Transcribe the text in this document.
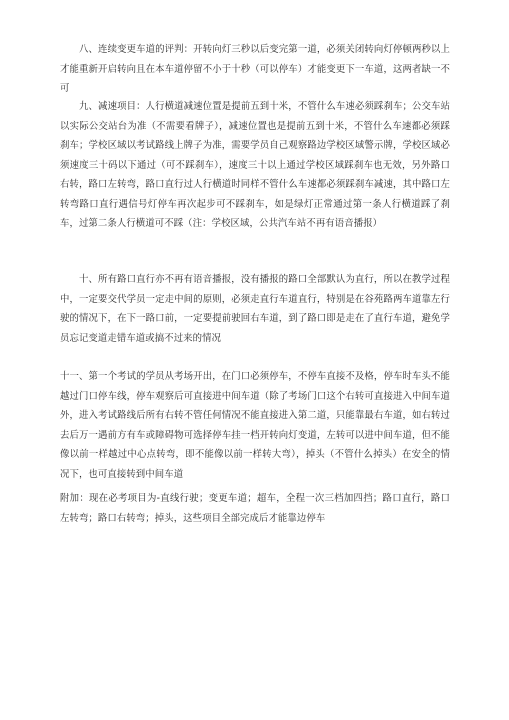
　　八、连续变更车道的评判：开转向灯三秒以后变完第一道，必须关闭转向灯停顿两秒以上才能重新开启转向且在本车道停留不小于十秒（可以停车）才能变更下一车道，这两者缺一不可

　　九、减速项目：人行横道减速位置是提前五到十米，不管什么车速必须踩刹车；公交车站以实际公交站台为准（不需要看牌子），减速位置也是提前五到十米，不管什么车速都必须踩刹车；学校区域以考试路线上牌子为准，需要学员自己观察路边学校区域警示牌，学校区域必须速度三十码以下通过（可不踩刹车），速度三十以上通过学校区域踩刹车也无效，另外路口右转，路口左转弯，路口直行过人行横道时同样不管什么车速都必须踩刹车减速，其中路口左转弯路口直行遇信号灯停车再次起步可不踩刹车，如是绿灯正常通过第一条人行横道踩了刹车，过第二条人行横道可不踩（注：学校区域，公共汽车站不再有语音播报）

　　十、所有路口直行亦不再有语音播报，没有播报的路口全部默认为直行，所以在教学过程中，一定要交代学员一定走中间的原则，必须走直行车道直行，特别是在谷苑路两车道靠左行驶的情况下，在下一路口前，一定要提前驶回右车道，到了路口即是走在了直行车道，避免学员忘记变道走错车道或搞不过来的情况

十一、第一个考试的学员从考场开出，在门口必须停车，不停车直接不及格，停车时车头不能越过门口停车线，停车观察后可直接进中间车道（除了考场门口这个右转可直接进入中间车道外，进入考试路线后所有右转不管任何情况不能直接进入第二道，只能靠最右车道，如右转过去后万一遇前方有车或障碍物可选择停车挂一档开转向灯变道，左转可以进中间车道，但不能像以前一样越过中心点转弯，即不能像以前一样转大弯），掉头（不管什么掉头）在安全的情况下，也可直接转到中间车道

附加：现在必考项目为-直线行驶；变更车道；超车，全程一次三档加四挡；路口直行，路口左转弯；路口右转弯；掉头，这些项目全部完成后才能靠边停车
